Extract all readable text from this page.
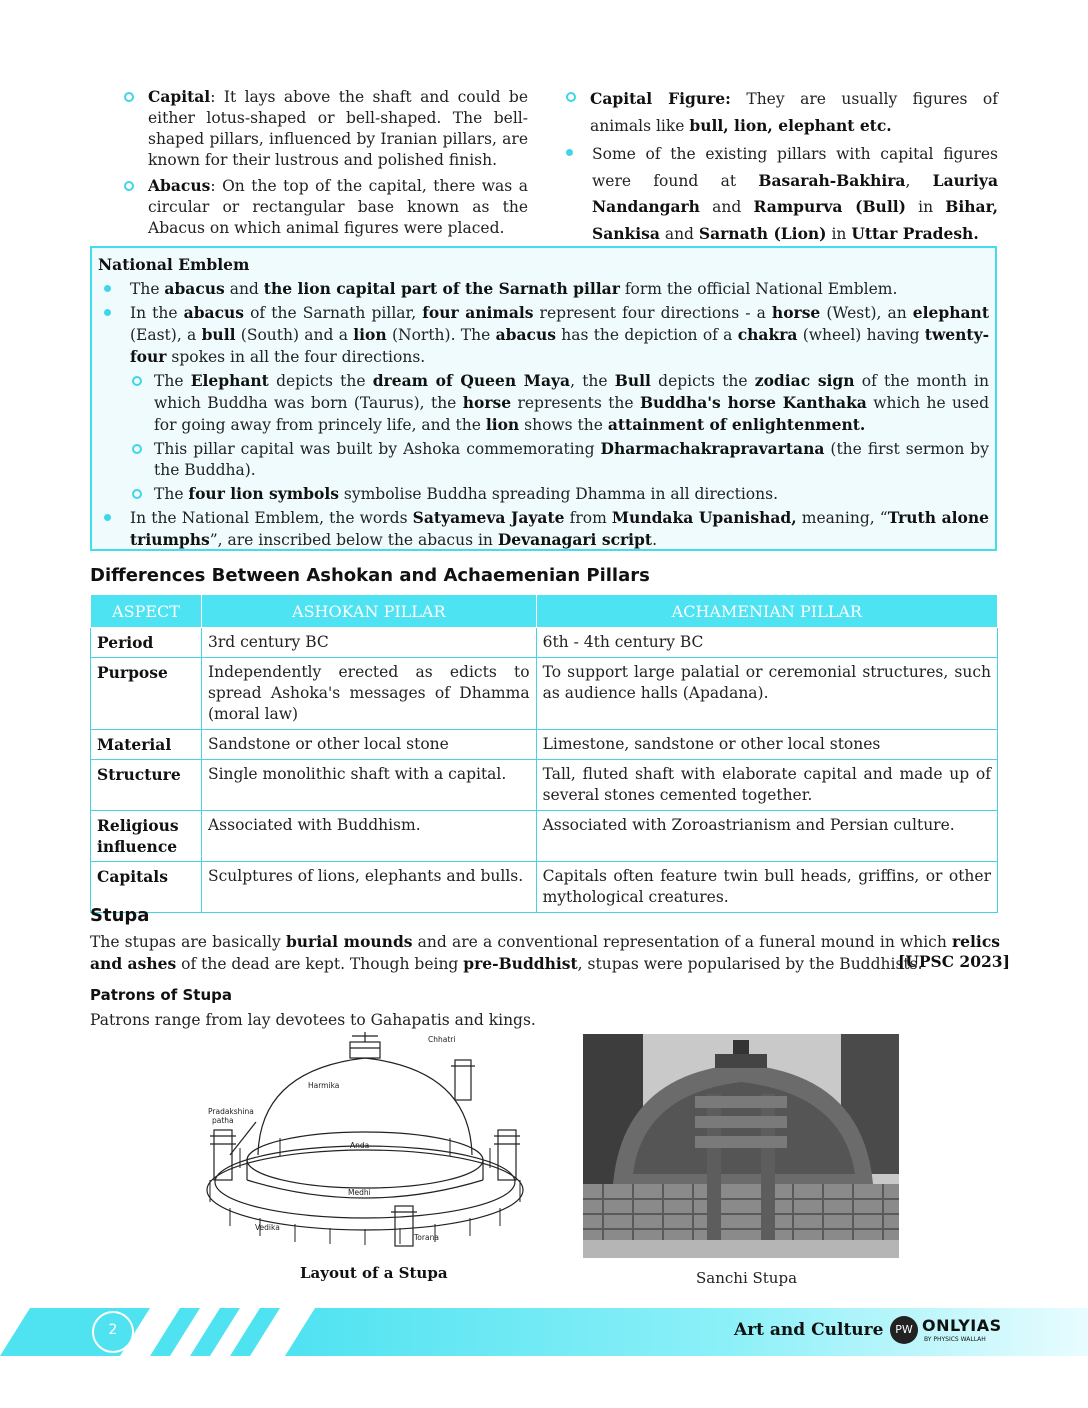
Capital: It lays above the shaft and could be either lotus-shaped or bell-shaped. The bell-shaped pillars, influenced by Iranian pillars, are known for their lustrous and polished finish.
Abacus: On the top of the capital, there was a circular or rectangular base known as the Abacus on which animal figures were placed.
Capital Figure: They are usually figures of animals like bull, lion, elephant etc.
Some of the existing pillars with capital figures were found at Basarah-Bakhira, Lauriya Nandangarh and Rampurva (Bull) in Bihar, Sankisa and Sarnath (Lion) in Uttar Pradesh.
National Emblem
The abacus and the lion capital part of the Sarnath pillar form the official National Emblem.
In the abacus of the Sarnath pillar, four animals represent four directions - a horse (West), an elephant (East), a bull (South) and a lion (North). The abacus has the depiction of a chakra (wheel) having twenty-four spokes in all the four directions.
The Elephant depicts the dream of Queen Maya, the Bull depicts the zodiac sign of the month in which Buddha was born (Taurus), the horse represents the Buddha's horse Kanthaka which he used for going away from princely life, and the lion shows the attainment of enlightenment.
This pillar capital was built by Ashoka commemorating Dharmachakrapravartana (the first sermon by the Buddha).
The four lion symbols symbolise Buddha spreading Dhamma in all directions.
In the National Emblem, the words Satyameva Jayate from Mundaka Upanishad, meaning, “Truth alone triumphs”, are inscribed below the abacus in Devanagari script.
Differences Between Ashokan and Achaemenian Pillars
ASPECT	ASHOKAN PILLAR	ACHAMENIAN PILLAR
Period	3rd century BC	6th - 4th century BC
Purpose	Independently erected as edicts to spread Ashoka's messages of Dhamma (moral law)	To support large palatial or ceremonial structures, such as audience halls (Apadana).
Material	Sandstone or other local stone	Limestone, sandstone or other local stones
Structure	Single monolithic shaft with a capital.	Tall, fluted shaft with elaborate capital and made up of several stones cemented together.
Religious influence	Associated with Buddhism.	Associated with Zoroastrianism and Persian culture.
Capitals	Sculptures of lions, elephants and bulls.	Capitals often feature twin bull heads, griffins, or other mythological creatures.
Stupa
The stupas are basically burial mounds and are a conventional representation of a funeral mound in which relics and ashes of the dead are kept. Though being pre-Buddhist, stupas were popularised by the Buddhists.
[UPSC 2023]
Patrons of Stupa
Patrons range from lay devotees to Gahapatis and kings.
Chhatri
Harmika
Pradakshina
patha
Anda
Medhi
Vedika
Torana
Layout of a Stupa	Sanchi Stupa
2	Art and Culture	PW ONLYIAS
BY PHYSICS WALLAH
